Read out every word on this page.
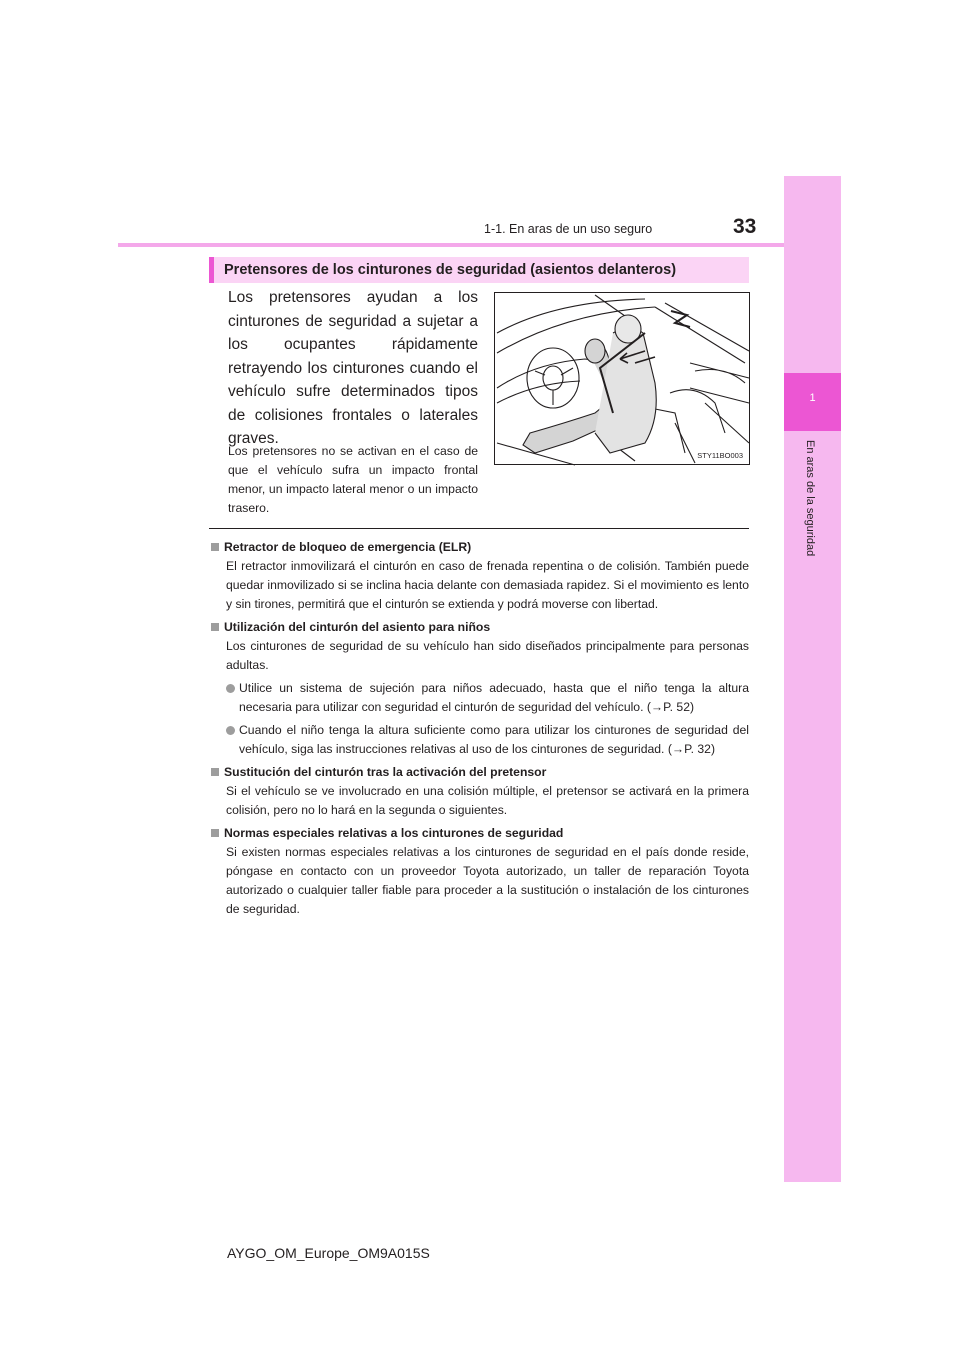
1
En aras de la seguridad
1-1. En aras de un uso seguro	33
Pretensores de los cinturones de seguridad (asientos delanteros)
Los pretensores ayudan a los cinturones de seguridad a sujetar a los ocupantes rápidamente retrayendo los cinturones cuando el vehículo sufre determinados tipos de colisiones frontales o laterales graves.
Los pretensores no se activan en el caso de que el vehículo sufra un impacto frontal menor, un impacto lateral menor o un impacto trasero.
STY11BO003
Retractor de bloqueo de emergencia (ELR)
El retractor inmovilizará el cinturón en caso de frenada repentina o de colisión. También puede quedar inmovilizado si se inclina hacia delante con demasiada rapidez. Si el movimiento es lento y sin tirones, permitirá que el cinturón se extienda y podrá moverse con libertad.
Utilización del cinturón del asiento para niños
Los cinturones de seguridad de su vehículo han sido diseñados principalmente para personas adultas.
Utilice un sistema de sujeción para niños adecuado, hasta que el niño tenga la altura necesaria para utilizar con seguridad el cinturón de seguridad del vehículo. (→P. 52)
Cuando el niño tenga la altura suficiente como para utilizar los cinturones de seguridad del vehículo, siga las instrucciones relativas al uso de los cinturones de seguridad. (→P. 32)
Sustitución del cinturón tras la activación del pretensor
Si el vehículo se ve involucrado en una colisión múltiple, el pretensor se activará en la primera colisión, pero no lo hará en la segunda o siguientes.
Normas especiales relativas a los cinturones de seguridad
Si existen normas especiales relativas a los cinturones de seguridad en el país donde reside, póngase en contacto con un proveedor Toyota autorizado, un taller de reparación Toyota autorizado o cualquier taller fiable para proceder a la sustitución o instalación de los cinturones de seguridad.
AYGO_OM_Europe_OM9A015S
